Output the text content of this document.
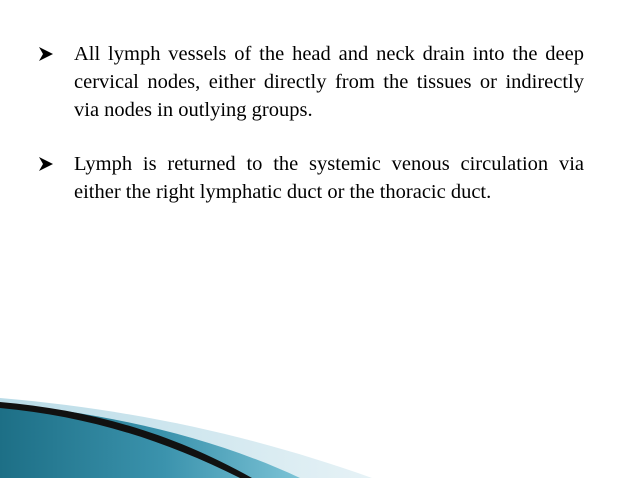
All lymph vessels of the head and neck drain into the deep cervical nodes, either directly from the tissues or indirectly via nodes in outlying groups.
Lymph is returned to the systemic venous circulation via either the right lymphatic duct or the thoracic duct.
